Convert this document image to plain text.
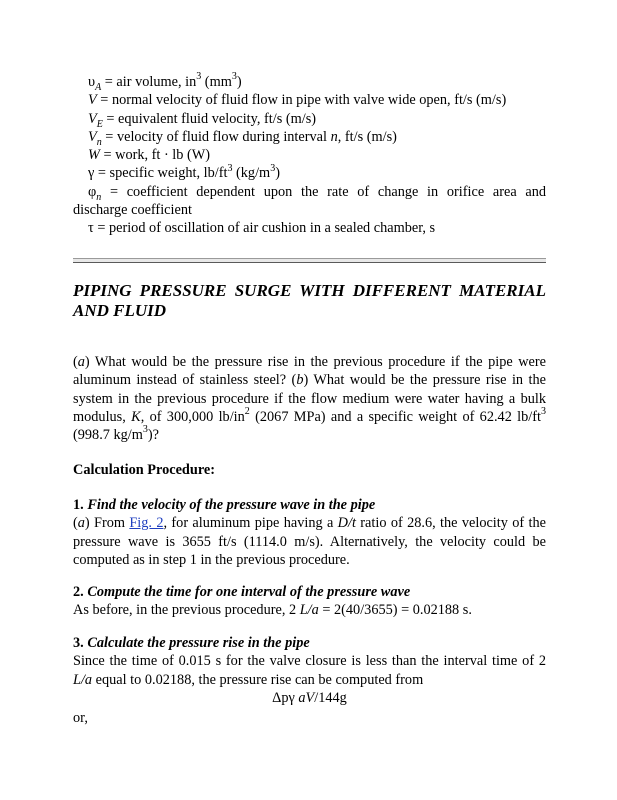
$\upsilon_A$ = air volume, $in^3$ $(mm^3)$

V = normal velocity of fluid flow in pipe with valve wide open, ft/s (m/s)

$V_E$ = equivalent fluid velocity, ft/s (m/s)

$V_n$ = velocity of fluid flow during interval n, ft/s (m/s)

W = work, ft · lb (W)

γ = specific weight, $lb/ft^3$ $(kg/m^3)$

$\varphi_n$ = coefficient dependent upon the rate of change in orifice area and

discharge coefficient

τ = period of oscillation of air cushion in a sealed chamber, s

PIPING PRESSURE SURGE WITH DIFFERENT MATERIAL AND FLUID

(a) What would be the pressure rise in the previous procedure if the pipe were aluminum instead of stainless steel? (b) What would be the pressure rise in the system in the previous procedure if the flow medium were water having a bulk modulus, K, of 300,000 $lb/in^2$ (2067 MPa) and a specific weight of 62.42 $lb/ft^3$ (998.7 $kg/m^3$)?

Calculation Procedure:

1. Find the velocity of the pressure wave in the pipe
(a) From Fig. 2, for aluminum pipe having a D/t ratio of 28.6, the velocity of the pressure wave is 3655 ft/s (1114.0 m/s). Alternatively, the velocity could be computed as in step 1 in the previous procedure.

2. Compute the time for one interval of the pressure wave
As before, in the previous procedure, 2 L/a = 2(40/3655) = 0.02188 s.

3. Calculate the pressure rise in the pipe
Since the time of 0.015 s for the valve closure is less than the interval time of 2 L/a equal to 0.02188, the pressure rise can be computed from

Δpγ aV/144g

or,
